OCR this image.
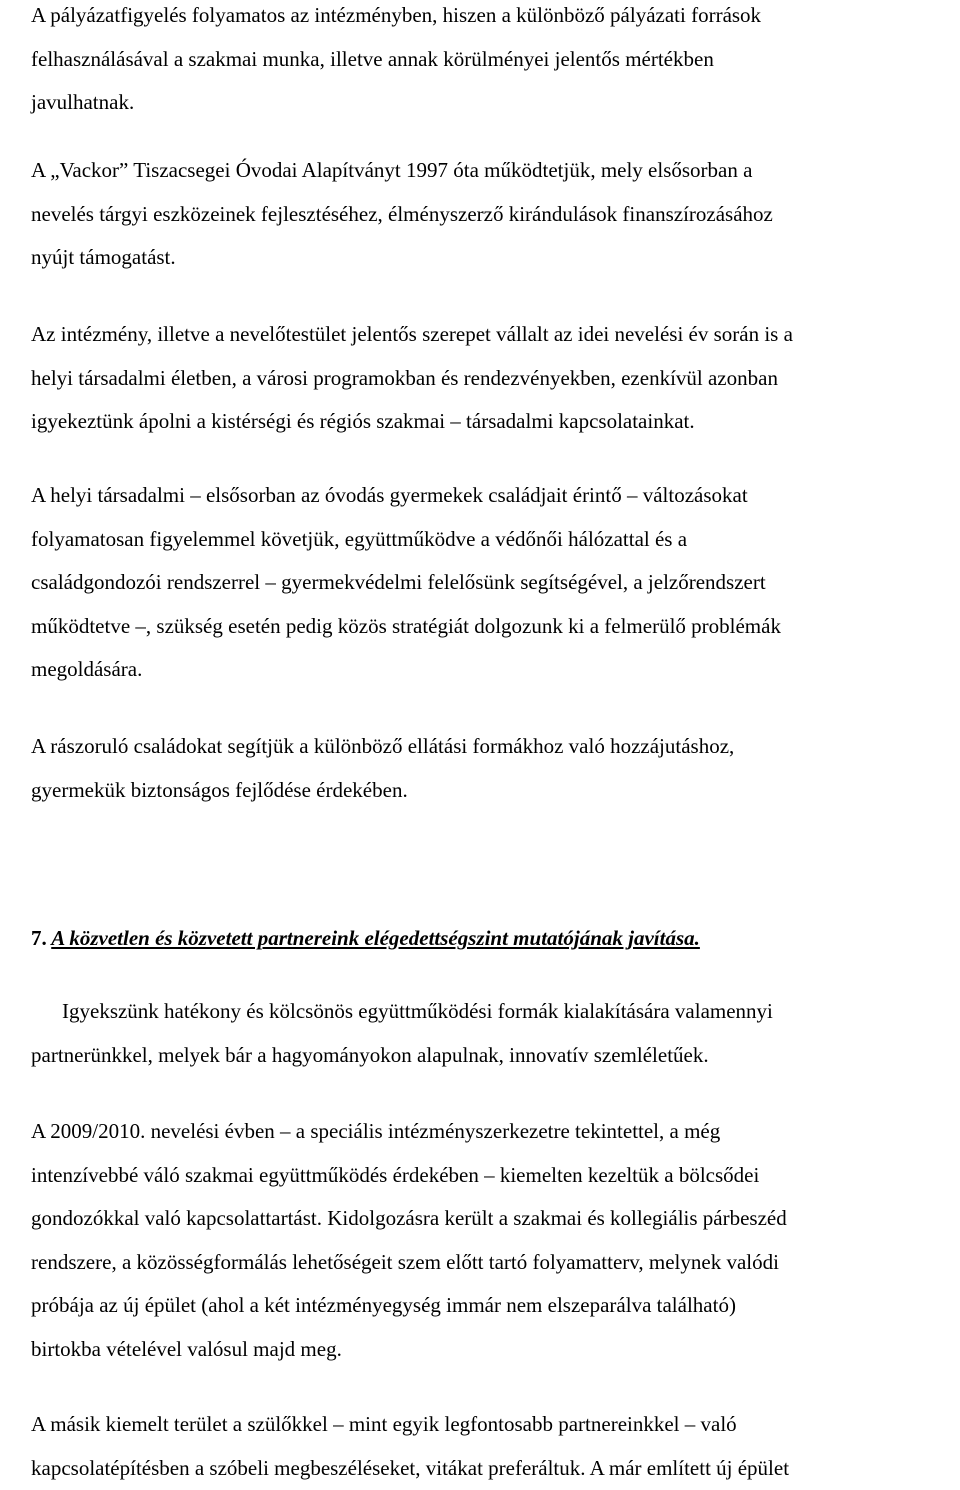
A pályázatfigyelés folyamatos az intézményben, hiszen a különböző pályázati források
felhasználásával a szakmai munka, illetve annak körülményei jelentős mértékben
javulhatnak.

A „Vackor” Tiszacsegei Óvodai Alapítványt 1997 óta működtetjük, mely elsősorban a
nevelés tárgyi eszközeinek fejlesztéséhez, élményszerző kirándulások finanszírozásához
nyújt támogatást.

Az intézmény, illetve a nevelőtestület jelentős szerepet vállalt az idei nevelési év során is a
helyi társadalmi életben, a városi programokban és rendezvényekben, ezenkívül azonban
igyekeztünk ápolni a kistérségi és régiós szakmai – társadalmi kapcsolatainkat.

A helyi társadalmi – elsősorban az óvodás gyermekek családjait érintő – változásokat
folyamatosan figyelemmel követjük, együttműködve a védőnői hálózattal és a
családgondozói rendszerrel – gyermekvédelmi felelősünk segítségével, a jelzőrendszert
működtetve –, szükség esetén pedig közös stratégiát dolgozunk ki a felmerülő problémák
megoldására.

A rászoruló családokat segítjük a különböző ellátási formákhoz való hozzájutáshoz,
gyermekük biztonságos fejlődése érdekében.

7. A közvetlen és közvetett partnereink elégedettségszint mutatójának javítása.

Igyekszünk hatékony és kölcsönös együttműködési formák kialakítására valamennyi
partnerünkkel, melyek bár a hagyományokon alapulnak, innovatív szemléletűek.

A 2009/2010. nevelési évben – a speciális intézményszerkezetre tekintettel, a még
intenzívebbé váló szakmai együttműködés érdekében – kiemelten kezeltük a bölcsődei
gondozókkal való kapcsolattartást. Kidolgozásra került a szakmai és kollegiális párbeszéd
rendszere, a közösségformálás lehetőségeit szem előtt tartó folyamatterv, melynek valódi
próbája az új épület (ahol a két intézményegység immár nem elszeparálva található)
birtokba vételével valósul majd meg.

A másik kiemelt terület a szülőkkel – mint egyik legfontosabb partnereinkkel – való
kapcsolatépítésben a szóbeli megbeszéléseket, vitákat preferáltuk. A már említett új épület
